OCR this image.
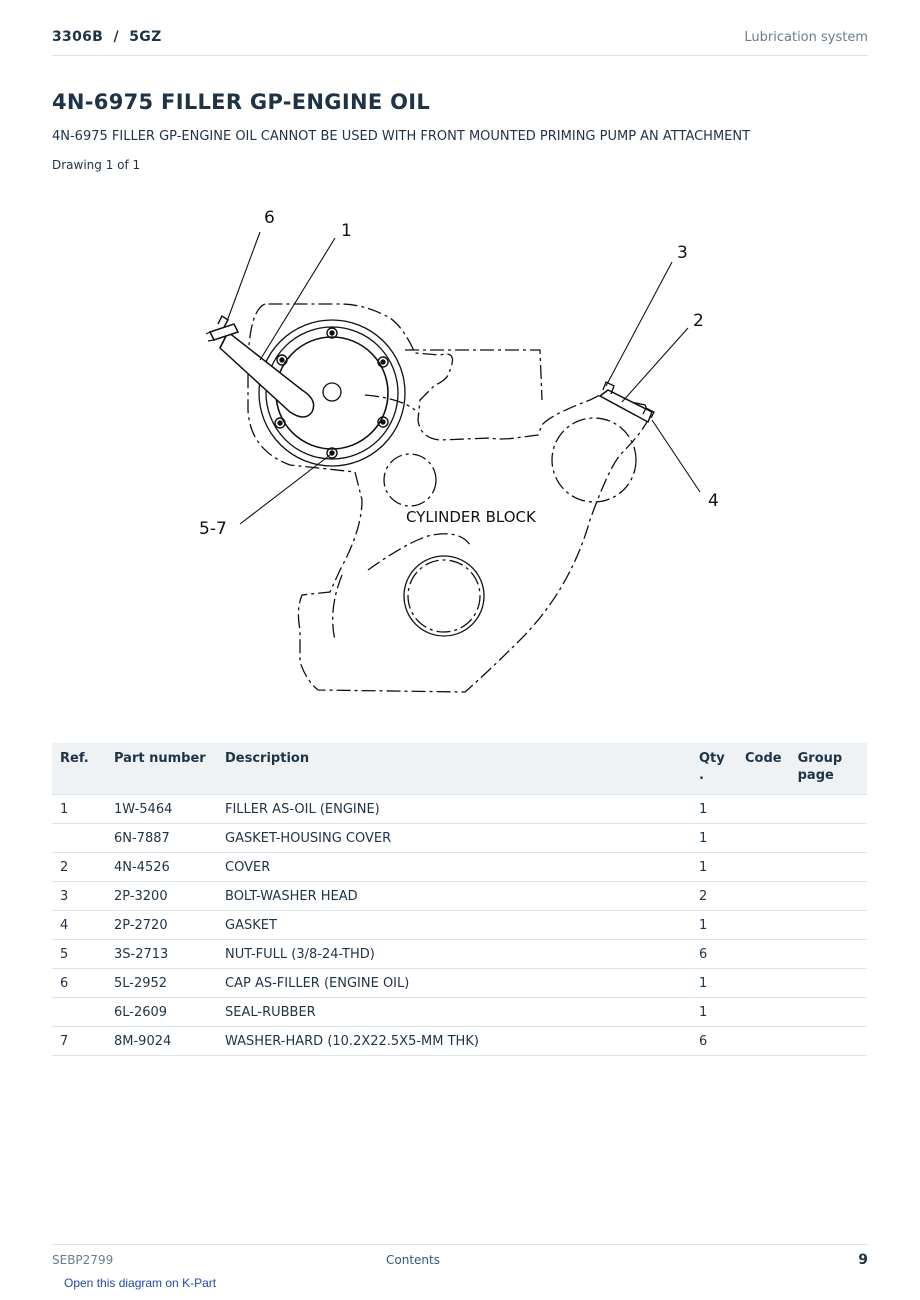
3306B  /  5GZ	Lubrication system
4N-6975 FILLER GP-ENGINE OIL
4N-6975 FILLER GP-ENGINE OIL CANNOT BE USED WITH FRONT MOUNTED PRIMING PUMP AN ATTACHMENT
Drawing 1 of 1
6
1
3
2
4
5-7
CYLINDER BLOCK
Ref.	Part number	Description	Qty .	Code	Group page
1	1W-5464	FILLER AS-OIL (ENGINE)	1		
	6N-7887	GASKET-HOUSING COVER	1		
2	4N-4526	COVER	1		
3	2P-3200	BOLT-WASHER HEAD	2		
4	2P-2720	GASKET	1		
5	3S-2713	NUT-FULL (3/8-24-THD)	6		
6	5L-2952	CAP AS-FILLER (ENGINE OIL)	1		
	6L-2609	SEAL-RUBBER	1		
7	8M-9024	WASHER-HARD (10.2X22.5X5-MM THK)	6		
SEBP2799	Contents	9
Open this diagram on K-Part
